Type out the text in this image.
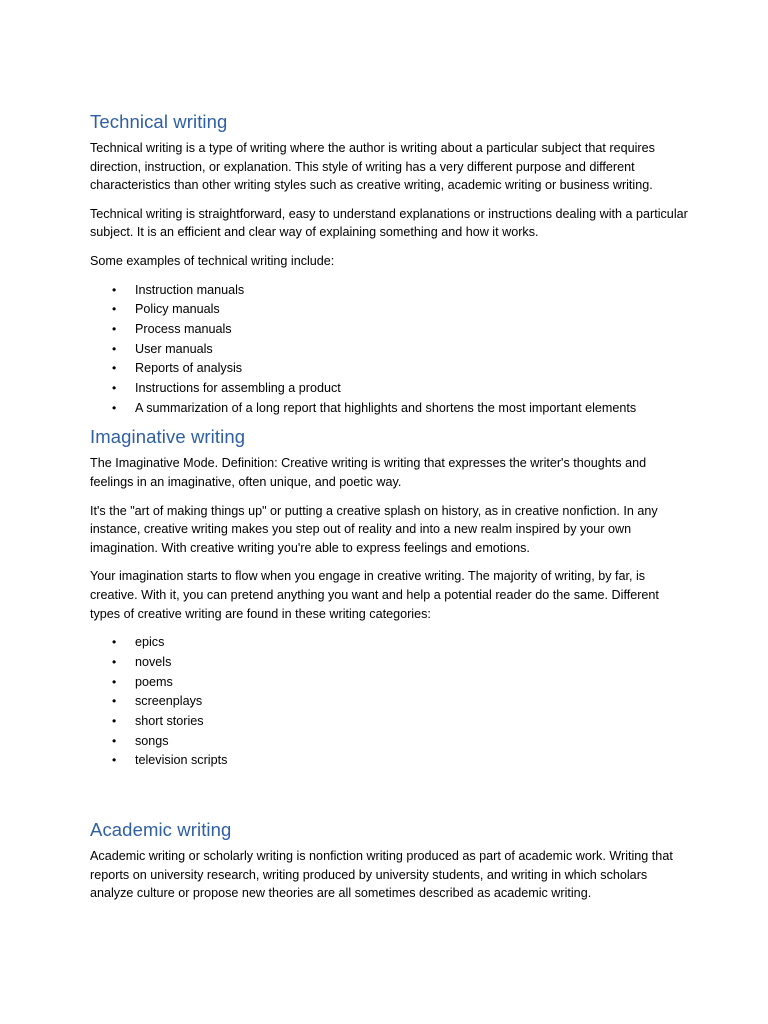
Technical writing

Technical writing is a type of writing where the author is writing about a particular subject that requires direction, instruction, or explanation. This style of writing has a very different purpose and different characteristics than other writing styles such as creative writing, academic writing or business writing.

Technical writing is straightforward, easy to understand explanations or instructions dealing with a particular subject. It is an efficient and clear way of explaining something and how it works.

Some examples of technical writing include:

• Instruction manuals
• Policy manuals
• Process manuals
• User manuals
• Reports of analysis
• Instructions for assembling a product
• A summarization of a long report that highlights and shortens the most important elements
Imaginative writing

The Imaginative Mode. Definition: Creative writing is writing that expresses the writer's thoughts and feelings in an imaginative, often unique, and poetic way.

It's the "art of making things up" or putting a creative splash on history, as in creative nonfiction. In any instance, creative writing makes you step out of reality and into a new realm inspired by your own imagination. With creative writing you're able to express feelings and emotions.

Your imagination starts to flow when you engage in creative writing. The majority of writing, by far, is creative. With it, you can pretend anything you want and help a potential reader do the same. Different types of creative writing are found in these writing categories:

• epics
• novels
• poems
• screenplays
• short stories
• songs
• television scripts
Academic writing

Academic writing or scholarly writing is nonfiction writing produced as part of academic work. Writing that reports on university research, writing produced by university students, and writing in which scholars analyze culture or propose new theories are all sometimes described as academic writing.
